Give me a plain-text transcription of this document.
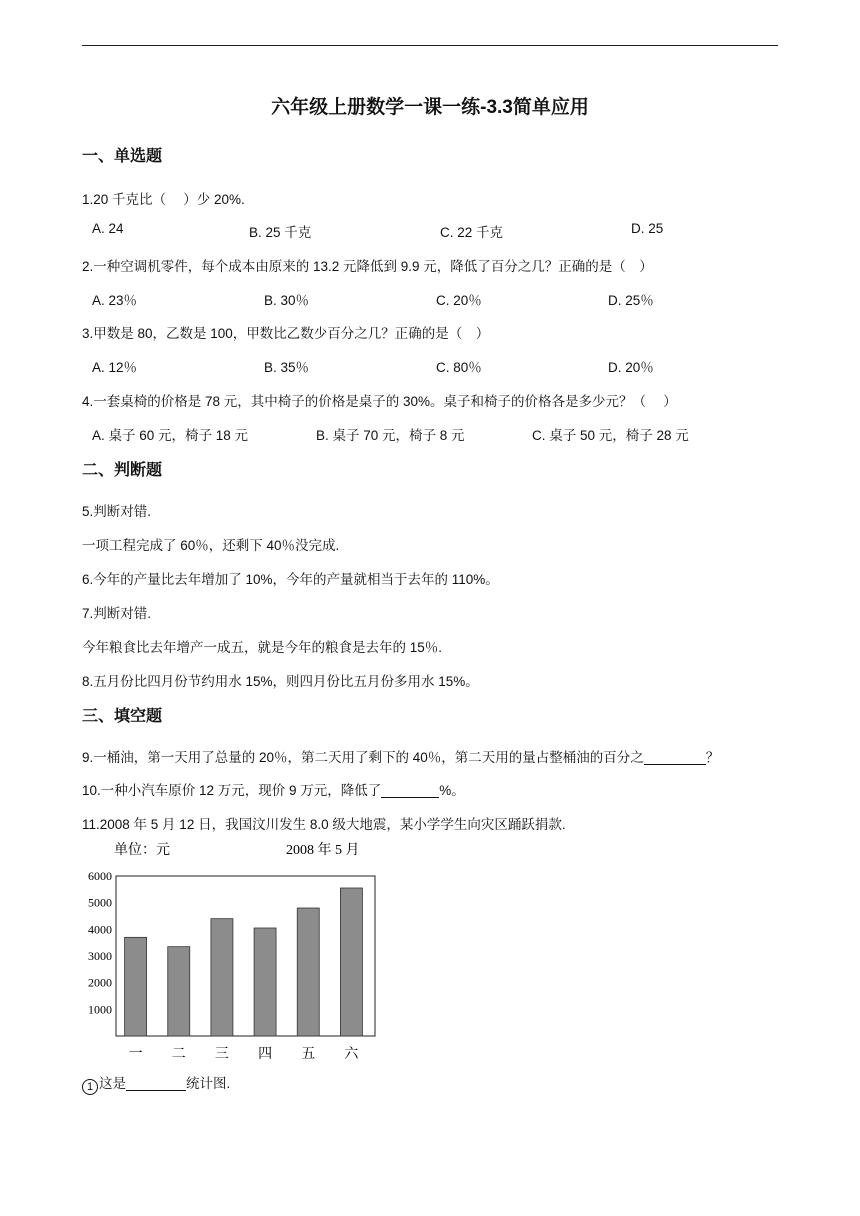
六年级上册数学一课一练-3.3简单应用
一、单选题
1.20 千克比（　 ）少 20%.
A. 24	B. 25 千克	C. 22 千克	D. 25
2.一种空调机零件，每个成本由原来的 13.2 元降低到 9.9 元，降低了百分之几？正确的是（　）
A. 23％	B. 30％	C. 20％	D. 25％
3.甲数是 80，乙数是 100，甲数比乙数少百分之几？正确的是（　）
A. 12％	B. 35％	C. 80％	D. 20％
4.一套桌椅的价格是 78 元，其中椅子的价格是桌子的 30%。桌子和椅子的价格各是多少元？（　 ）
A. 桌子 60 元，椅子 18 元	B. 桌子 70 元，椅子 8 元	C. 桌子 50 元，椅子 28 元
二、判断题
5.判断对错.
一项工程完成了 60％，还剩下 40％没完成.
6.今年的产量比去年增加了 10%，今年的产量就相当于去年的 110%。
7.判断对错.
今年粮食比去年增产一成五，就是今年的粮食是去年的 15％.
8.五月份比四月份节约用水 15%，则四月份比五月份多用水 15%。
三、填空题
9.一桶油，第一天用了总量的 20％，第二天用了剩下的 40％，第二天用的量占整桶油的百分之	？
10.一种小汽车原价 12 万元，现价 9 万元，降低了	%。
11.2008 年 5 月 12 日，我国汶川发生 8.0 级大地震，某小学学生向灾区踊跃捐款.
单位：元	2008 年 5 月
1000
2000
3000
4000
5000
6000
一 二 三 四 五 六
1 这是	统计图.
